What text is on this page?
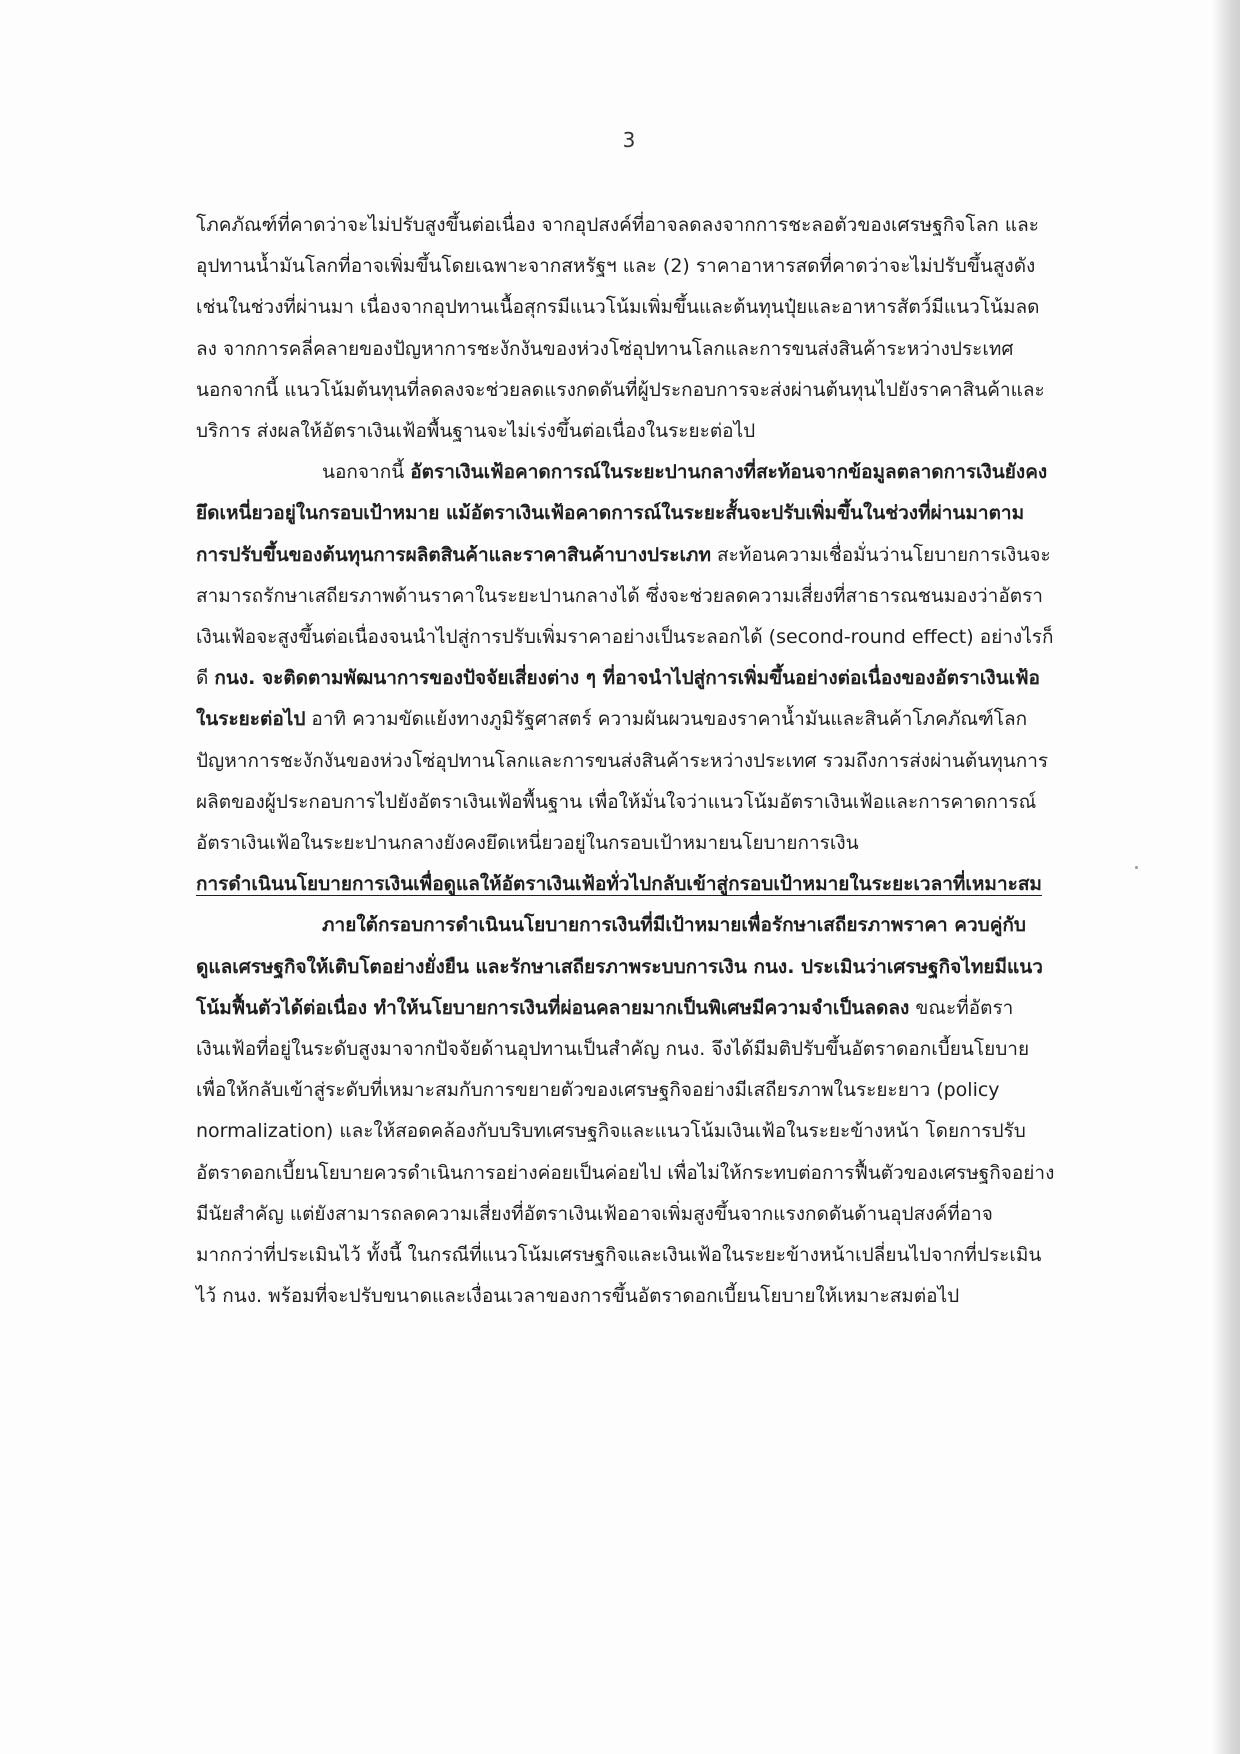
3

โภคภัณฑ์ที่คาดว่าจะไม่ปรับสูงขึ้นต่อเนื่อง จากอุปสงค์ที่อาจลดลงจากการชะลอตัวของเศรษฐกิจโลก และอุปทานน้ำมันโลกที่อาจเพิ่มขึ้นโดยเฉพาะจากสหรัฐฯ และ (2) ราคาอาหารสดที่คาดว่าจะไม่ปรับขึ้นสูงดังเช่นในช่วงที่ผ่านมา เนื่องจากอุปทานเนื้อสุกรมีแนวโน้มเพิ่มขึ้นและต้นทุนปุ๋ยและอาหารสัตว์มีแนวโน้มลดลง จากการคลี่คลายของปัญหาการชะงักงันของห่วงโซ่อุปทานโลกและการขนส่งสินค้าระหว่างประเทศ นอกจากนี้ แนวโน้มต้นทุนที่ลดลงจะช่วยลดแรงกดดันที่ผู้ประกอบการจะส่งผ่านต้นทุนไปยังราคาสินค้าและบริการ ส่งผลให้อัตราเงินเฟ้อพื้นฐานจะไม่เร่งขึ้นต่อเนื่องในระยะต่อไป

นอกจากนี้ อัตราเงินเฟ้อคาดการณ์ในระยะปานกลางที่สะท้อนจากข้อมูลตลาดการเงินยังคงยึดเหนี่ยวอยู่ในกรอบเป้าหมาย แม้อัตราเงินเฟ้อคาดการณ์ในระยะสั้นจะปรับเพิ่มขึ้นในช่วงที่ผ่านมาตามการปรับขึ้นของต้นทุนการผลิตสินค้าและราคาสินค้าบางประเภท สะท้อนความเชื่อมั่นว่านโยบายการเงินจะสามารถรักษาเสถียรภาพด้านราคาในระยะปานกลางได้ ซึ่งจะช่วยลดความเสี่ยงที่สาธารณชนมองว่าอัตราเงินเฟ้อจะสูงขึ้นต่อเนื่องจนนำไปสู่การปรับเพิ่มราคาอย่างเป็นระลอกได้ (second-round effect) อย่างไรก็ดี กนง. จะติดตามพัฒนาการของปัจจัยเสี่ยงต่าง ๆ ที่อาจนำไปสู่การเพิ่มขึ้นอย่างต่อเนื่องของอัตราเงินเฟ้อในระยะต่อไป อาทิ ความขัดแย้งทางภูมิรัฐศาสตร์ ความผันผวนของราคาน้ำมันและสินค้าโภคภัณฑ์โลก ปัญหาการชะงักงันของห่วงโซ่อุปทานโลกและการขนส่งสินค้าระหว่างประเทศ รวมถึงการส่งผ่านต้นทุนการผลิตของผู้ประกอบการไปยังอัตราเงินเฟ้อพื้นฐาน เพื่อให้มั่นใจว่าแนวโน้มอัตราเงินเฟ้อและการคาดการณ์อัตราเงินเฟ้อในระยะปานกลางยังคงยึดเหนี่ยวอยู่ในกรอบเป้าหมายนโยบายการเงิน

การดำเนินนโยบายการเงินเพื่อดูแลให้อัตราเงินเฟ้อทั่วไปกลับเข้าสู่กรอบเป้าหมายในระยะเวลาที่เหมาะสม

ภายใต้กรอบการดำเนินนโยบายการเงินที่มีเป้าหมายเพื่อรักษาเสถียรภาพราคา ควบคู่กับดูแลเศรษฐกิจให้เติบโตอย่างยั่งยืน และรักษาเสถียรภาพระบบการเงิน กนง. ประเมินว่าเศรษฐกิจไทยมีแนวโน้มฟื้นตัวได้ต่อเนื่อง ทำให้นโยบายการเงินที่ผ่อนคลายมากเป็นพิเศษมีความจำเป็นลดลง ขณะที่อัตราเงินเฟ้อที่อยู่ในระดับสูงมาจากปัจจัยด้านอุปทานเป็นสำคัญ กนง. จึงได้มีมติปรับขึ้นอัตราดอกเบี้ยนโยบาย เพื่อให้กลับเข้าสู่ระดับที่เหมาะสมกับการขยายตัวของเศรษฐกิจอย่างมีเสถียรภาพในระยะยาว (policy normalization) และให้สอดคล้องกับบริบทเศรษฐกิจและแนวโน้มเงินเฟ้อในระยะข้างหน้า โดยการปรับอัตราดอกเบี้ยนโยบายควรดำเนินการอย่างค่อยเป็นค่อยไป เพื่อไม่ให้กระทบต่อการฟื้นตัวของเศรษฐกิจอย่างมีนัยสำคัญ แต่ยังสามารถลดความเสี่ยงที่อัตราเงินเฟ้ออาจเพิ่มสูงขึ้นจากแรงกดดันด้านอุปสงค์ที่อาจมากกว่าที่ประเมินไว้ ทั้งนี้ ในกรณีที่แนวโน้มเศรษฐกิจและเงินเฟ้อในระยะข้างหน้าเปลี่ยนไปจากที่ประเมินไว้ กนง. พร้อมที่จะปรับขนาดและเงื่อนเวลาของการขึ้นอัตราดอกเบี้ยนโยบายให้เหมาะสมต่อไป
